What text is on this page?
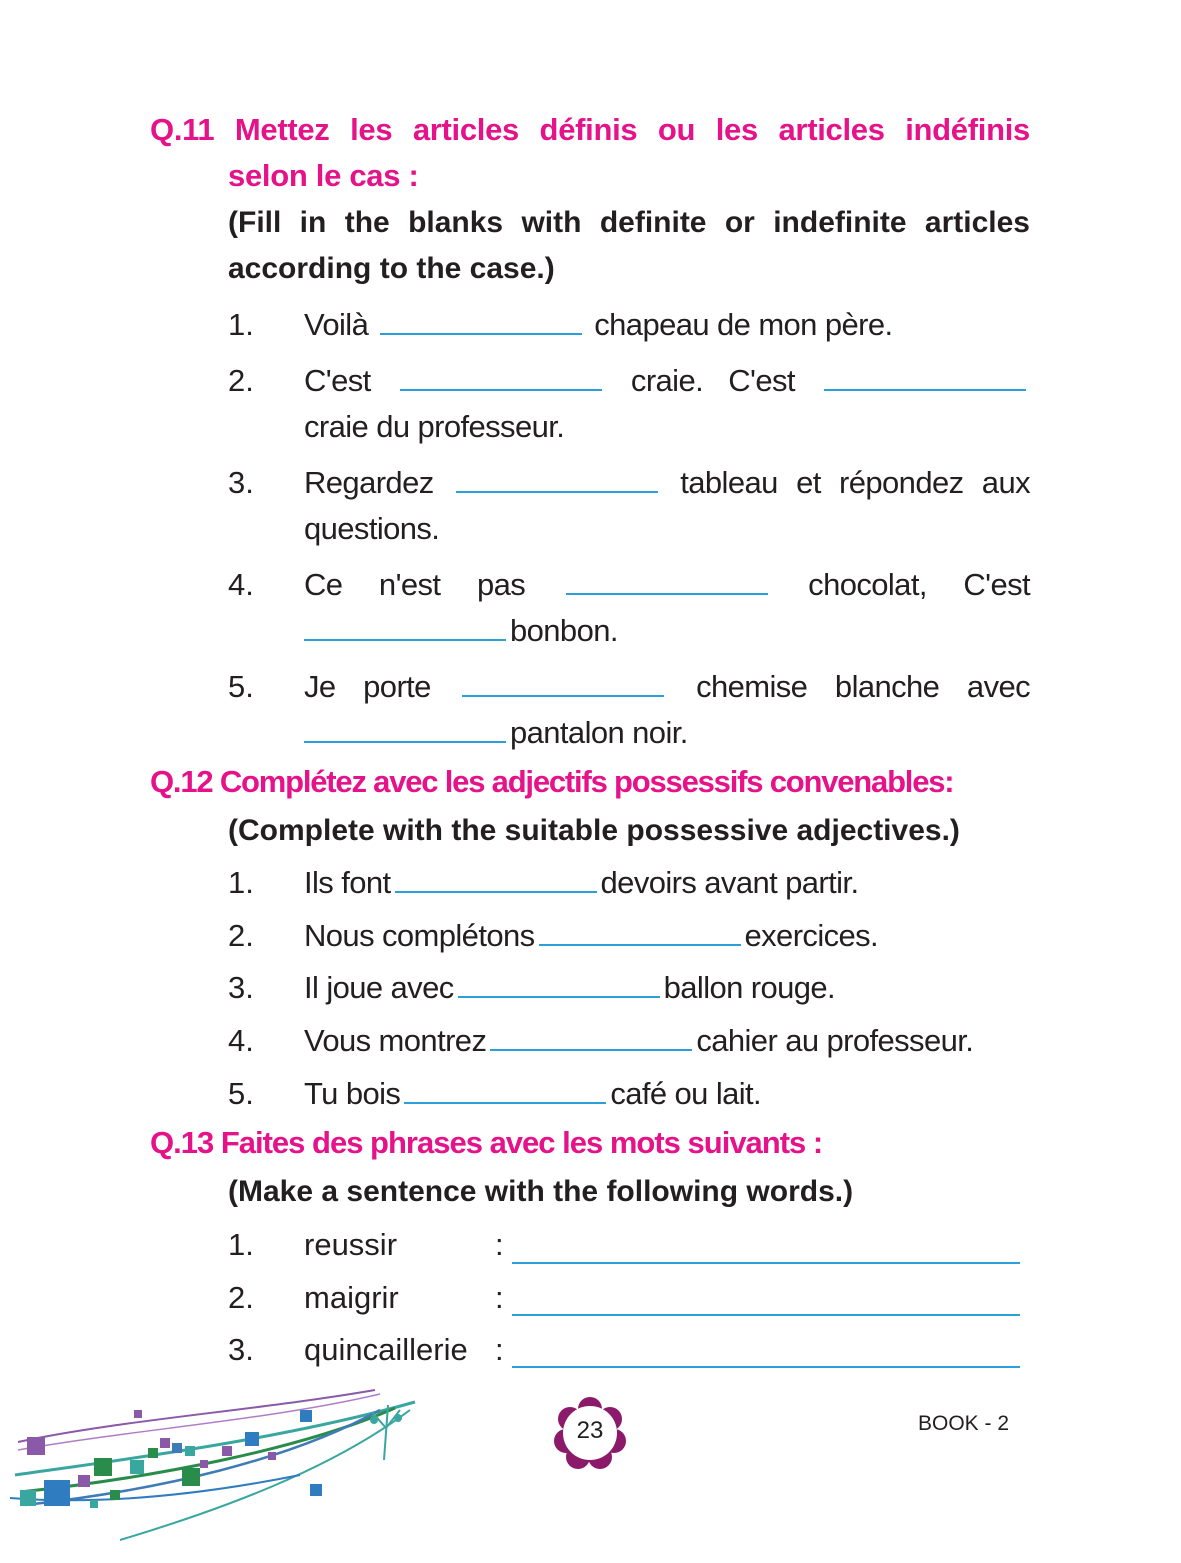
Q.11 Mettez les articles définis ou les articles indéfinis
selon le cas :
(Fill in the blanks with definite or indefinite articles according to the case.)
1. Voilà	chapeau de mon père.
2. C'est	craie. C'est
craie du professeur.
3. Regardez	tableau et répondez aux questions.
4. Ce n'est pas	chocolat, C'est
bonbon.
5. Je porte	chemise blanche avec
pantalon noir.
Q.12 Complétez avec les adjectifs possessifs convenables:
(Complete with the suitable possessive adjectives.)
1. Ils font	devoirs avant partir.
2. Nous complétons	exercices.
3. Il joue avec	ballon rouge.
4. Vous montrez	cahier au professeur.
5. Tu bois	café ou lait.
Q.13 Faites des phrases avec les mots suivants :
(Make a sentence with the following words.)
1. reussir	:
2. maigrir	:
3. quincaillerie :
23	BOOK - 2
